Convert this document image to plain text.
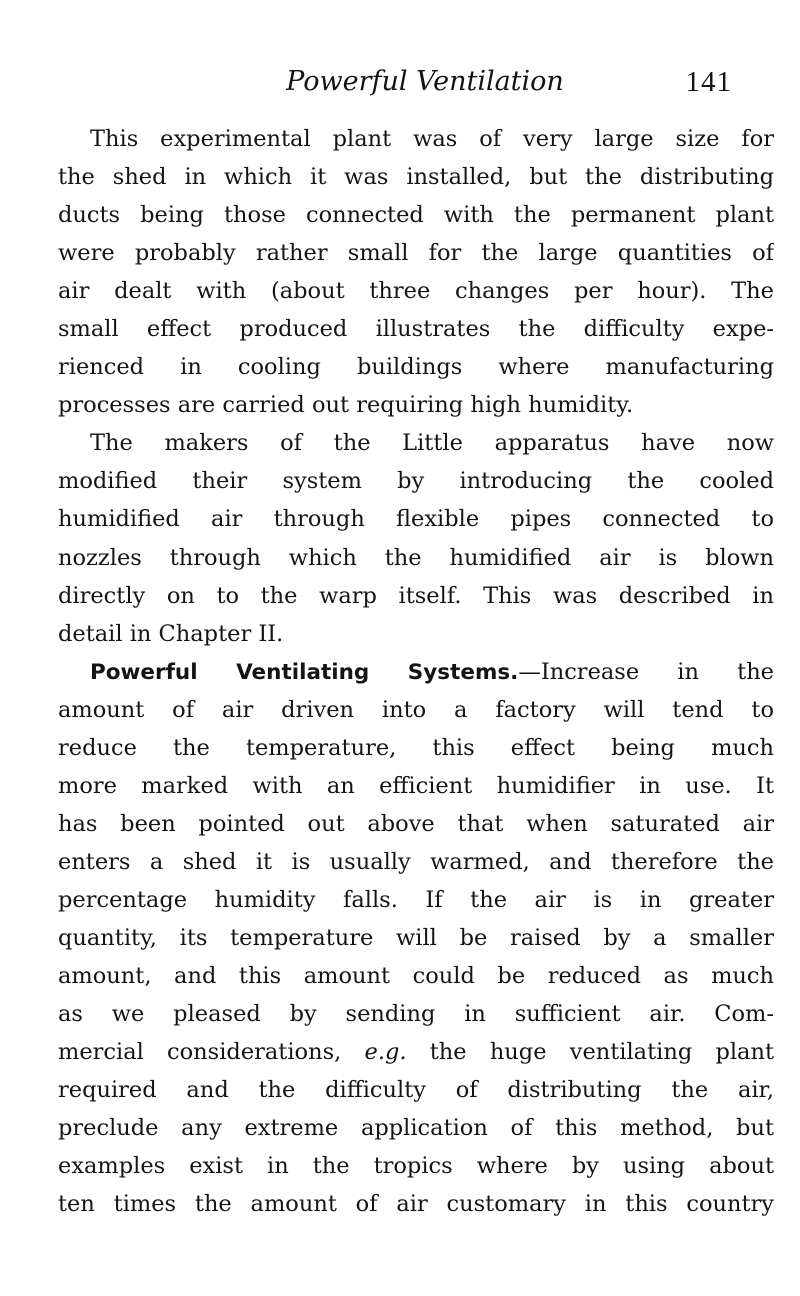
Powerful Ventilation	141
This experimental plant was of very large size for
the shed in which it was installed, but the distributing
ducts being those connected with the permanent plant
were probably rather small for the large quantities of
air dealt with (about three changes per hour). The
small effect produced illustrates the difficulty expe-
rienced in cooling buildings where manufacturing
processes are carried out requiring high humidity.
The makers of the Little apparatus have now
modified their system by introducing the cooled
humidified air through flexible pipes connected to
nozzles through which the humidified air is blown
directly on to the warp itself. This was described in
detail in Chapter II.
Powerful Ventilating Systems.—Increase in the
amount of air driven into a factory will tend to
reduce the temperature, this effect being much
more marked with an efficient humidifier in use. It
has been pointed out above that when saturated air
enters a shed it is usually warmed, and therefore the
percentage humidity falls. If the air is in greater
quantity, its temperature will be raised by a smaller
amount, and this amount could be reduced as much
as we pleased by sending in sufficient air. Com-
mercial considerations, e.g. the huge ventilating plant
required and the difficulty of distributing the air,
preclude any extreme application of this method, but
examples exist in the tropics where by using about
ten times the amount of air customary in this country
